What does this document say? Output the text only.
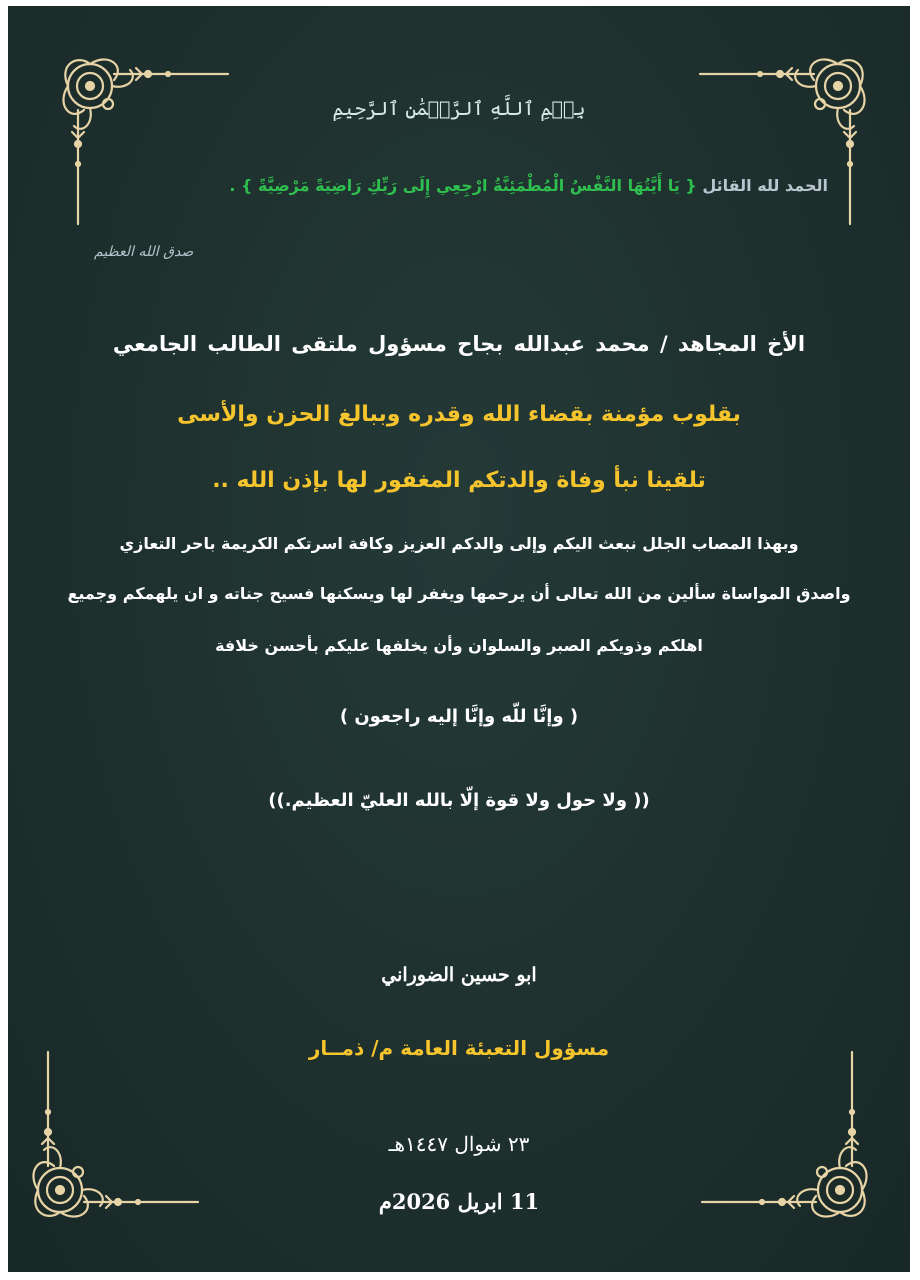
بِسۡمِ ٱللَّهِ ٱلرَّحۡمَٰنِ ٱلرَّحِيمِ
الحمد لله القائل { يَا أَيَّتُهَا النَّفْسُ الْمُطْمَئِنَّةُ ارْجِعِي إِلَى رَبِّكِ رَاضِيَةً مَرْضِيَّةً } .
صدق الله العظيم
الأخ المجاهد / محمد عبدالله بجاح مسؤول ملتقى الطالب الجامعي
بقلوب مؤمنة بقضاء الله وقدره وببالغ الحزن والأسى
تلقينا نبأ وفاة والدتكم المغفور لها بإذن الله ..
وبهذا المصاب الجلل نبعث اليكم وإلى والدكم العزيز وكافة اسرتكم الكريمة باحر التعازي
واصدق المواساة سألين من الله تعالى أن يرحمها ويغفر لها ويسكنها فسيح جناته و ان يلهمكم وجميع
اهلكم وذويكم الصبر والسلوان وأن يخلفها عليكم بأحسن خلافة
( وإنَّا للّه وإنَّا إليه راجعون )
(( ولا حول ولا قوة إلّا بالله العليّ العظيم.))
ابو حسين الضوراني
مسؤول التعبئة العامة م/ ذمــار
٢٣ شوال ١٤٤٧هـ
11 ابريل 2026م
